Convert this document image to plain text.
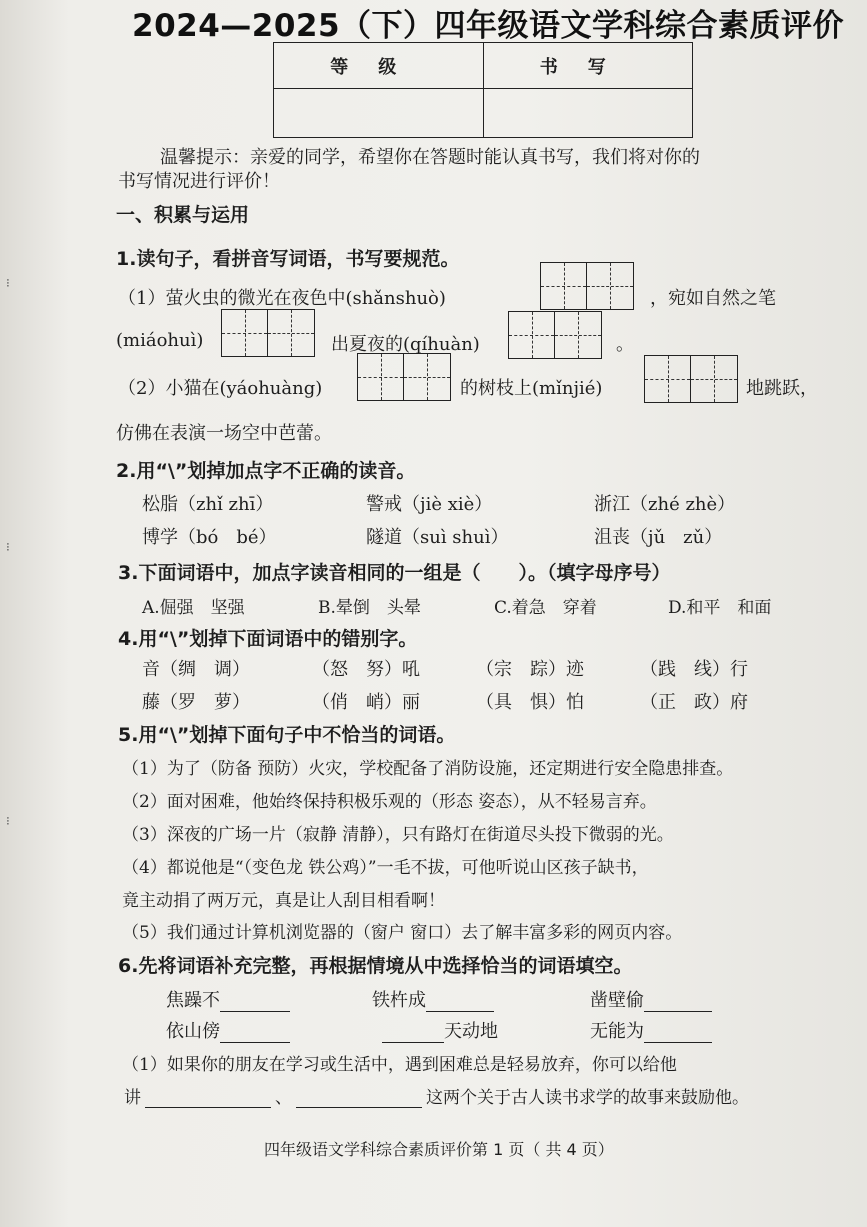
2024—2025（下）四年级语文学科综合素质评价
等级	书写

温馨提示：亲爱的同学，希望你在答题时能认真书写，我们将对你的
书写情况进行评价！
一、积累与运用
1.读句子，看拼音写词语，书写要规范。
（1）萤火虫的微光在夜色中(shǎnshuò)	，宛如自然之笔
(miáohuì)	出夏夜的(qíhuàn)	。
（2）小猫在(yáohuàng)	的树枝上(mǐnjié)	地跳跃，
仿佛在表演一场空中芭蕾。
2.用“\”划掉加点字不正确的读音。
松脂（zhǐ zhī）	警戒（jiè xiè）	浙江（zhé zhè）
博学（bó　bé）	隧道（suì shuì）	沮丧（jǔ　zǔ）
3.下面词语中，加点字读音相同的一组是（　　）。（填字母序号）
A.倔强　坚强	B.晕倒　头晕	C.着急　穿着	D.和平　和面
4.用“\”划掉下面词语中的错别字。
音（绸　调）	（怒　努）吼	（宗　踪）迹	（践　线）行
藤（罗　萝）	（俏　峭）丽	（具　惧）怕	（正　政）府
5.用“\”划掉下面句子中不恰当的词语。
（1）为了（防备 预防）火灾，学校配备了消防设施，还定期进行安全隐患排查。
（2）面对困难，他始终保持积极乐观的（形态 姿态），从不轻易言弃。
（3）深夜的广场一片（寂静 清静），只有路灯在街道尽头投下微弱的光。
（4）都说他是“（变色龙 铁公鸡）”一毛不拔，可他听说山区孩子缺书，
竟主动捐了两万元，真是让人刮目相看啊！
（5）我们通过计算机浏览器的（窗户 窗口）去了解丰富多彩的网页内容。
6.先将词语补充完整，再根据情境从中选择恰当的词语填空。
焦躁不	铁杵成	凿壁偷
依山傍	天动地	无能为
（1）如果你的朋友在学习或生活中，遇到困难总是轻易放弃，你可以给他
讲	、	这两个关于古人读书求学的故事来鼓励他。
四年级语文学科综合素质评价第 1 页（ 共 4 页）
⁝
⁝
⁝
